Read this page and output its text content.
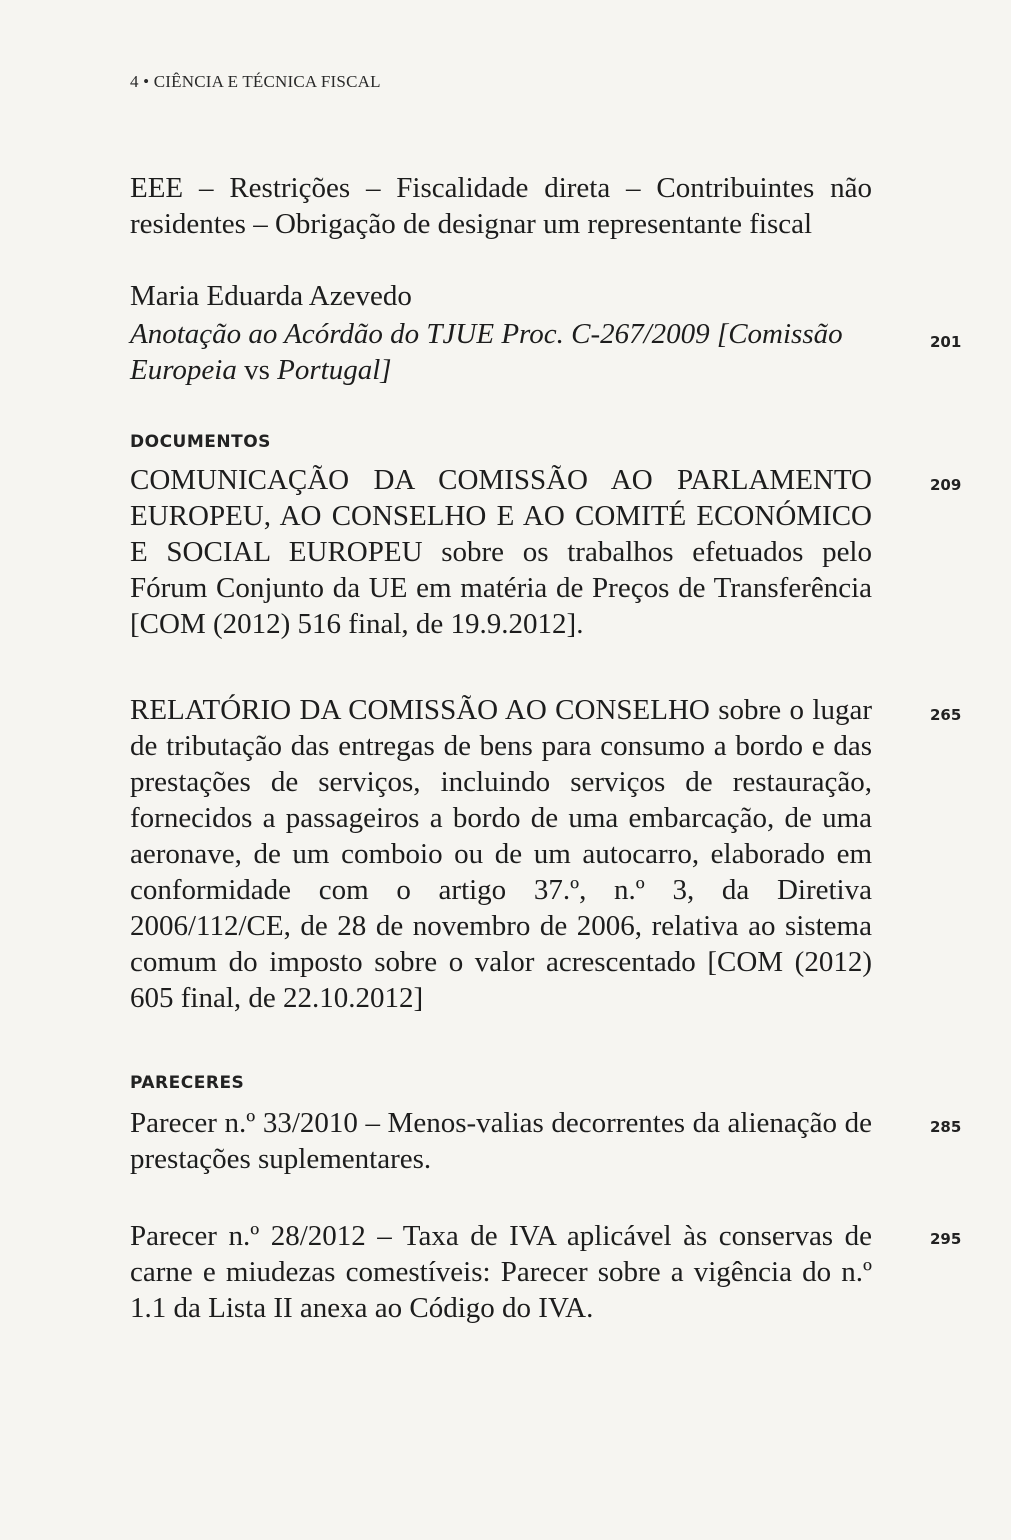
4 • CIÊNCIA E TÉCNICA FISCAL
EEE – Restrições – Fiscalidade direta – Contribuintes não residentes – Obrigação de designar um representante fiscal
Maria Eduarda Azevedo
Anotação ao Acórdão do TJUE Proc. C-267/2009 [Comissão
Europeia vs Portugal]
201
DOCUMENTOS
COMUNICAÇÃO DA COMISSÃO AO PARLAMENTO EUROPEU, AO CONSELHO E AO COMITÉ ECONÓMICO E SOCIAL EUROPEU sobre os trabalhos efetuados pelo Fórum Conjunto da UE em matéria de Preços de Transferência [COM (2012) 516 final, de 19.9.2012].
209
RELATÓRIO DA COMISSÃO AO CONSELHO sobre o lugar de tributação das entregas de bens para consumo a bordo e das prestações de serviços, incluindo serviços de restauração, fornecidos a passageiros a bordo de uma embarcação, de uma aeronave, de um comboio ou de um autocarro, elaborado em conformidade com o artigo 37.º, n.º 3, da Diretiva 2006/112/CE, de 28 de novembro de 2006, relativa ao sistema comum do imposto sobre o valor acrescentado [COM (2012) 605 final, de 22.10.2012]
265
PARECERES
Parecer n.º 33/2010 – Menos-valias decorrentes da alienação de prestações suplementares.
285
Parecer n.º 28/2012 – Taxa de IVA aplicável às conservas de carne e miudezas comestíveis: Parecer sobre a vigência do n.º 1.1 da Lista II anexa ao Código do IVA.
295
